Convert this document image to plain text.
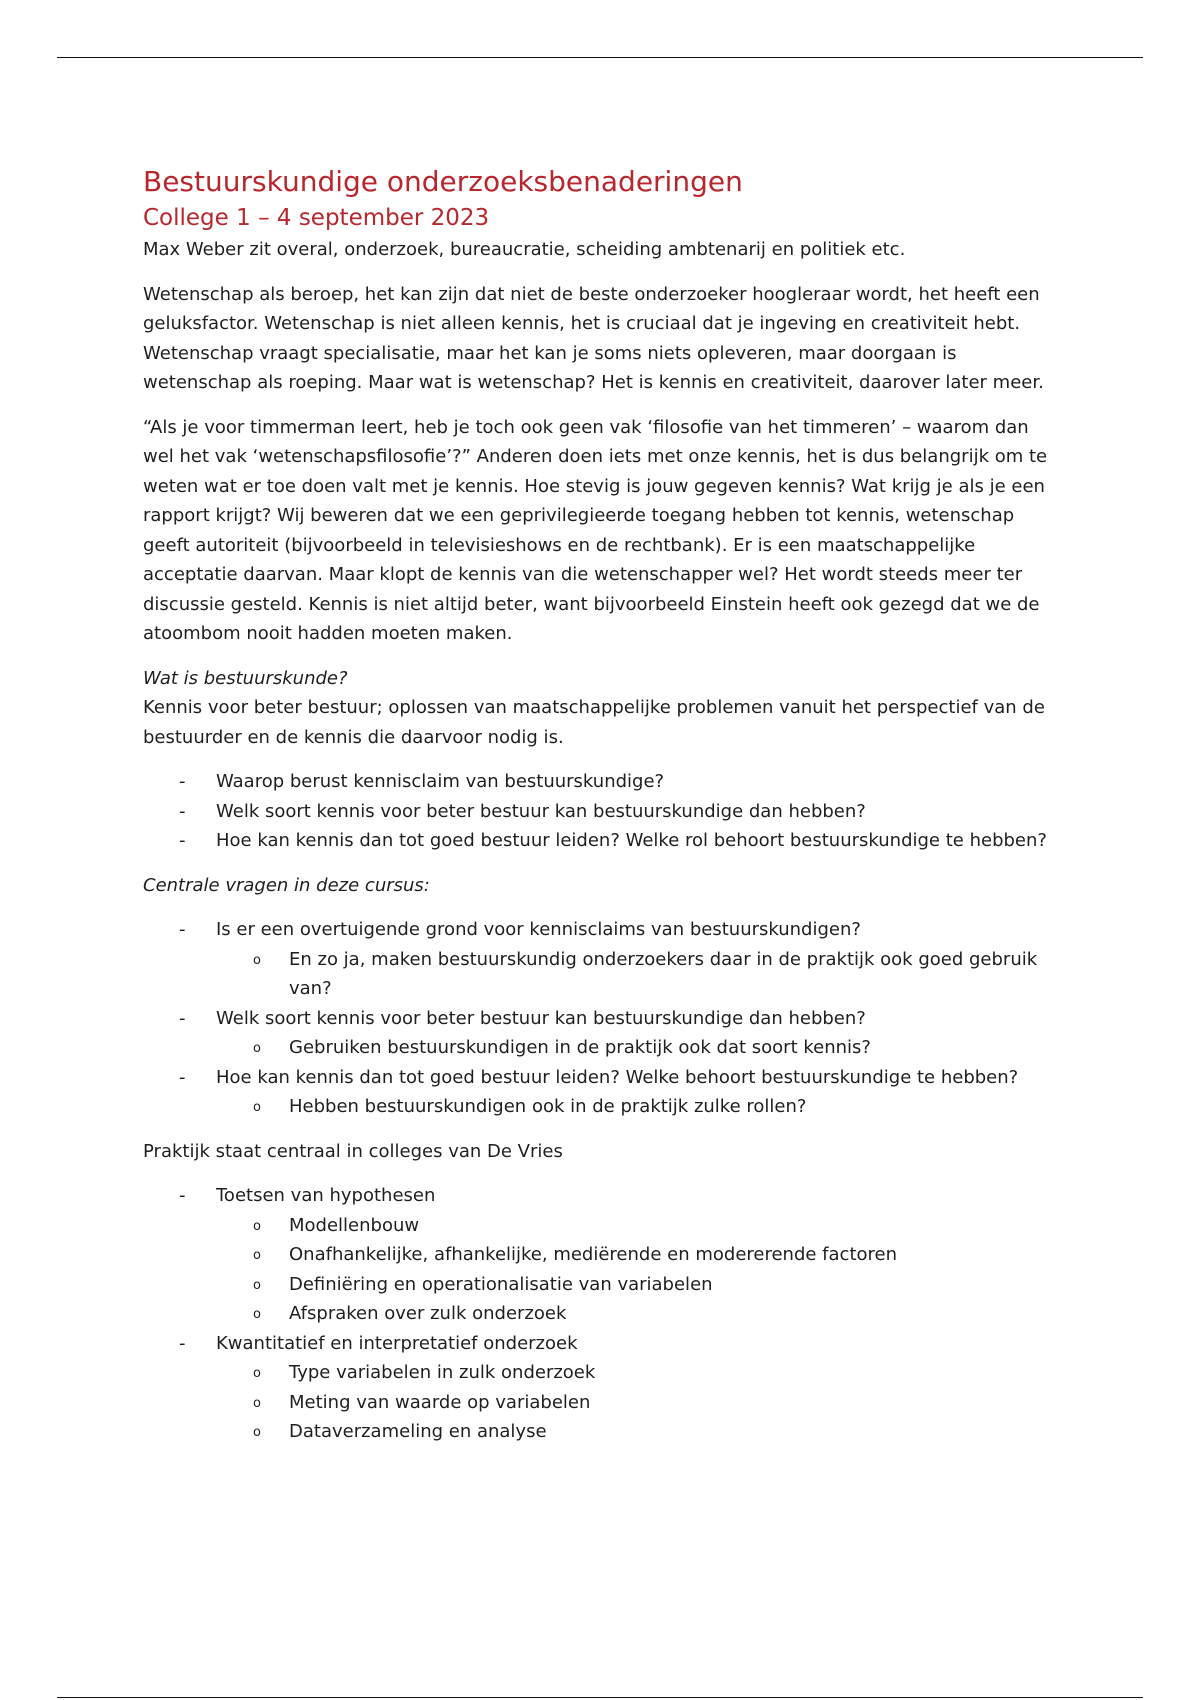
Bestuurskundige onderzoeksbenaderingen
College 1 – 4 september 2023

Max Weber zit overal, onderzoek, bureaucratie, scheiding ambtenarij en politiek etc.

Wetenschap als beroep, het kan zijn dat niet de beste onderzoeker hoogleraar wordt, het heeft een geluksfactor. Wetenschap is niet alleen kennis, het is cruciaal dat je ingeving en creativiteit hebt. Wetenschap vraagt specialisatie, maar het kan je soms niets opleveren, maar doorgaan is wetenschap als roeping. Maar wat is wetenschap? Het is kennis en creativiteit, daarover later meer.

“Als je voor timmerman leert, heb je toch ook geen vak ‘filosofie van het timmeren’ – waarom dan wel het vak ‘wetenschapsfilosofie’?” Anderen doen iets met onze kennis, het is dus belangrijk om te weten wat er toe doen valt met je kennis. Hoe stevig is jouw gegeven kennis? Wat krijg je als je een rapport krijgt? Wij beweren dat we een geprivilegieerde toegang hebben tot kennis, wetenschap geeft autoriteit (bijvoorbeeld in televisieshows en de rechtbank). Er is een maatschappelijke acceptatie daarvan. Maar klopt de kennis van die wetenschapper wel? Het wordt steeds meer ter discussie gesteld. Kennis is niet altijd beter, want bijvoorbeeld Einstein heeft ook gezegd dat we de atoombom nooit hadden moeten maken.

Wat is bestuurskunde?

Kennis voor beter bestuur; oplossen van maatschappelijke problemen vanuit het perspectief van de bestuurder en de kennis die daarvoor nodig is.

- Waarop berust kennisclaim van bestuurskundige?
- Welk soort kennis voor beter bestuur kan bestuurskundige dan hebben?
- Hoe kan kennis dan tot goed bestuur leiden? Welke rol behoort bestuurskundige te hebben?

Centrale vragen in deze cursus:

- Is er een overtuigende grond voor kennisclaims van bestuurskundigen?
o En zo ja, maken bestuurskundig onderzoekers daar in de praktijk ook goed gebruik van?
- Welk soort kennis voor beter bestuur kan bestuurskundige dan hebben?
o Gebruiken bestuurskundigen in de praktijk ook dat soort kennis?
- Hoe kan kennis dan tot goed bestuur leiden? Welke behoort bestuurskundige te hebben?
o Hebben bestuurskundigen ook in de praktijk zulke rollen?

Praktijk staat centraal in colleges van De Vries

- Toetsen van hypothesen
o Modellenbouw
o Onafhankelijke, afhankelijke, mediërende en modererende factoren
o Definiëring en operationalisatie van variabelen
o Afspraken over zulk onderzoek
- Kwantitatief en interpretatief onderzoek
o Type variabelen in zulk onderzoek
o Meting van waarde op variabelen
o Dataverzameling en analyse
